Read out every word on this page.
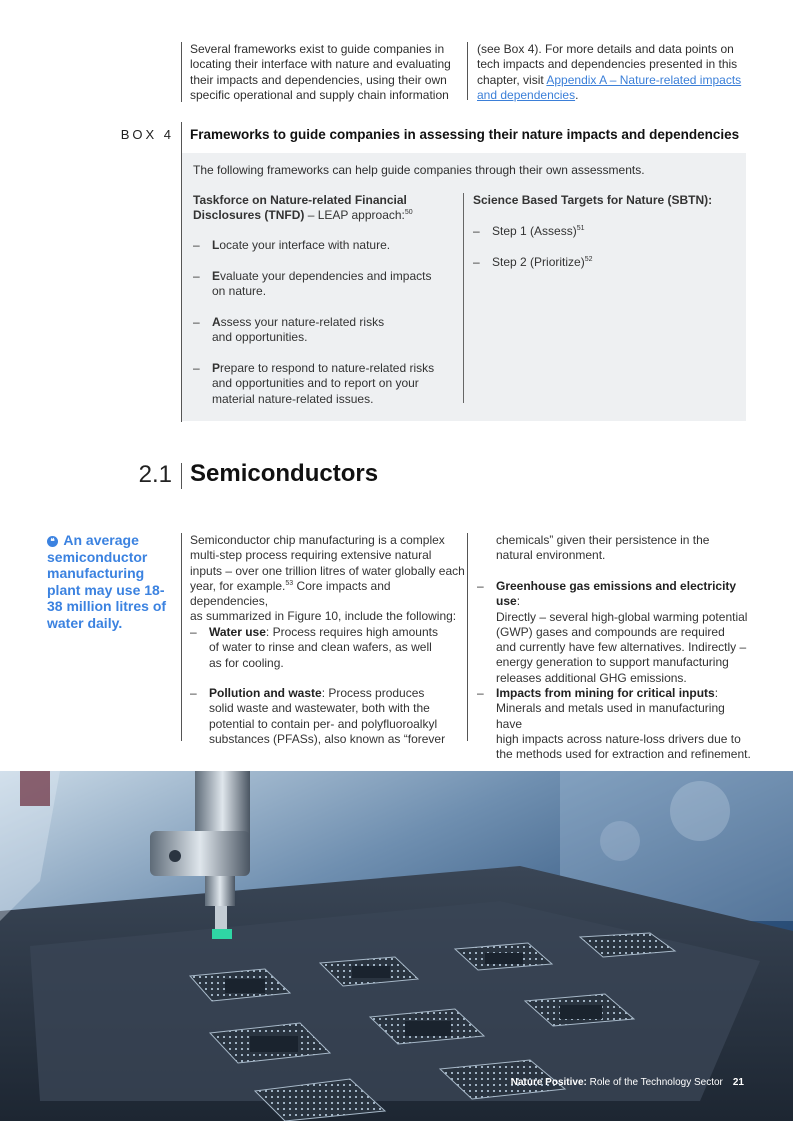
Several frameworks exist to guide companies in locating their interface with nature and evaluating their impacts and dependencies, using their own specific operational and supply chain information
(see Box 4). For more details and data points on tech impacts and dependencies presented in this chapter, visit Appendix A – Nature-related impacts and dependencies.
BOX 4 Frameworks to guide companies in assessing their nature impacts and dependencies
The following frameworks can help guide companies through their own assessments.
Taskforce on Nature-related Financial Disclosures (TNFD) – LEAP approach:$^{50}$
– Locate your interface with nature.
– Evaluate your dependencies and impacts
on nature.
– Assess your nature-related risks
and opportunities.
– Prepare to respond to nature-related risks
and opportunities and to report on your
material nature-related issues.
Science Based Targets for Nature (SBTN):
– Step 1 (Assess)$^{51}$
– Step 2 (Prioritize)$^{52}$
2.1 Semiconductors
❝ An average semiconductor manufacturing plant may use 18-38 million litres of water daily.
Semiconductor chip manufacturing is a complex
multi-step process requiring extensive natural
inputs – over one trillion litres of water globally each
year, for example.$^{53}$ Core impacts and dependencies,
as summarized in Figure 10, include the following:
– Water use: Process requires high amounts
of water to rinse and clean wafers, as well
as for cooling.
– Pollution and waste: Process produces
solid waste and wastewater, both with the
potential to contain per- and polyfluoroalkyl
substances (PFASs), also known as “forever
chemicals” given their persistence in the
natural environment.
– Greenhouse gas emissions and electricity use:
Directly – several high-global warming potential
(GWP) gases and compounds are required
and currently have few alternatives. Indirectly –
energy generation to support manufacturing
releases additional GHG emissions.
– Impacts from mining for critical inputs:
Minerals and metals used in manufacturing have
high impacts across nature-loss drivers due to
the methods used for extraction and refinement.
Nature Positive: Role of the Technology Sector 21
